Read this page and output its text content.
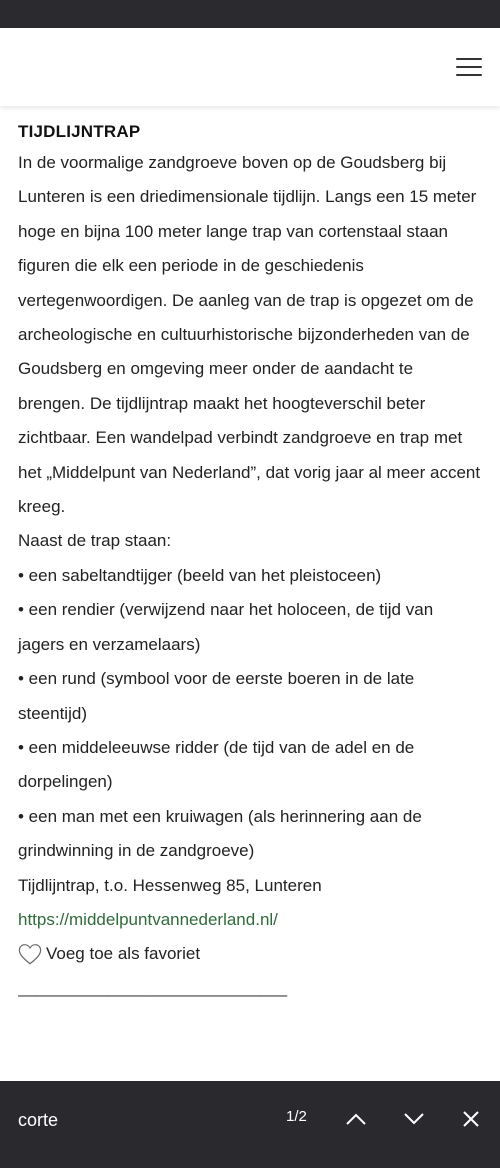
TIJDLIJNTRAP

In de voormalige zandgroeve boven op de Goudsberg bij Lunteren is een driedimensionale tijdlijn. Langs een 15 meter hoge en bijna 100 meter lange trap van cortenstaal staan figuren die elk een periode in de geschiedenis vertegenwoordigen. De aanleg van de trap is opgezet om de archeologische en cultuurhistorische bijzonderheden van de Goudsberg en omgeving meer onder de aandacht te brengen. De tijdlijntrap maakt het hoogteverschil beter zichtbaar. Een wandelpad verbindt zandgroeve en trap met het „Middelpunt van Nederland”, dat vorig jaar al meer accent kreeg.

Naast de trap staan:

• een sabeltandtijger (beeld van het pleistoceen)

• een rendier (verwijzend naar het holoceen, de tijd van jagers en verzamelaars)

• een rund (symbool voor de eerste boeren in de late steentijd)

• een middeleeuwse ridder (de tijd van de adel en de dorpelingen)

• een man met een kruiwagen (als herinnering aan de grindwinning in de zandgroeve)

Tijdlijntrap, t.o. Hessenweg 85, Lunteren

https://middelpuntvannederland.nl/

Voeg toe als favoriet
______________________________
corte
1/2
